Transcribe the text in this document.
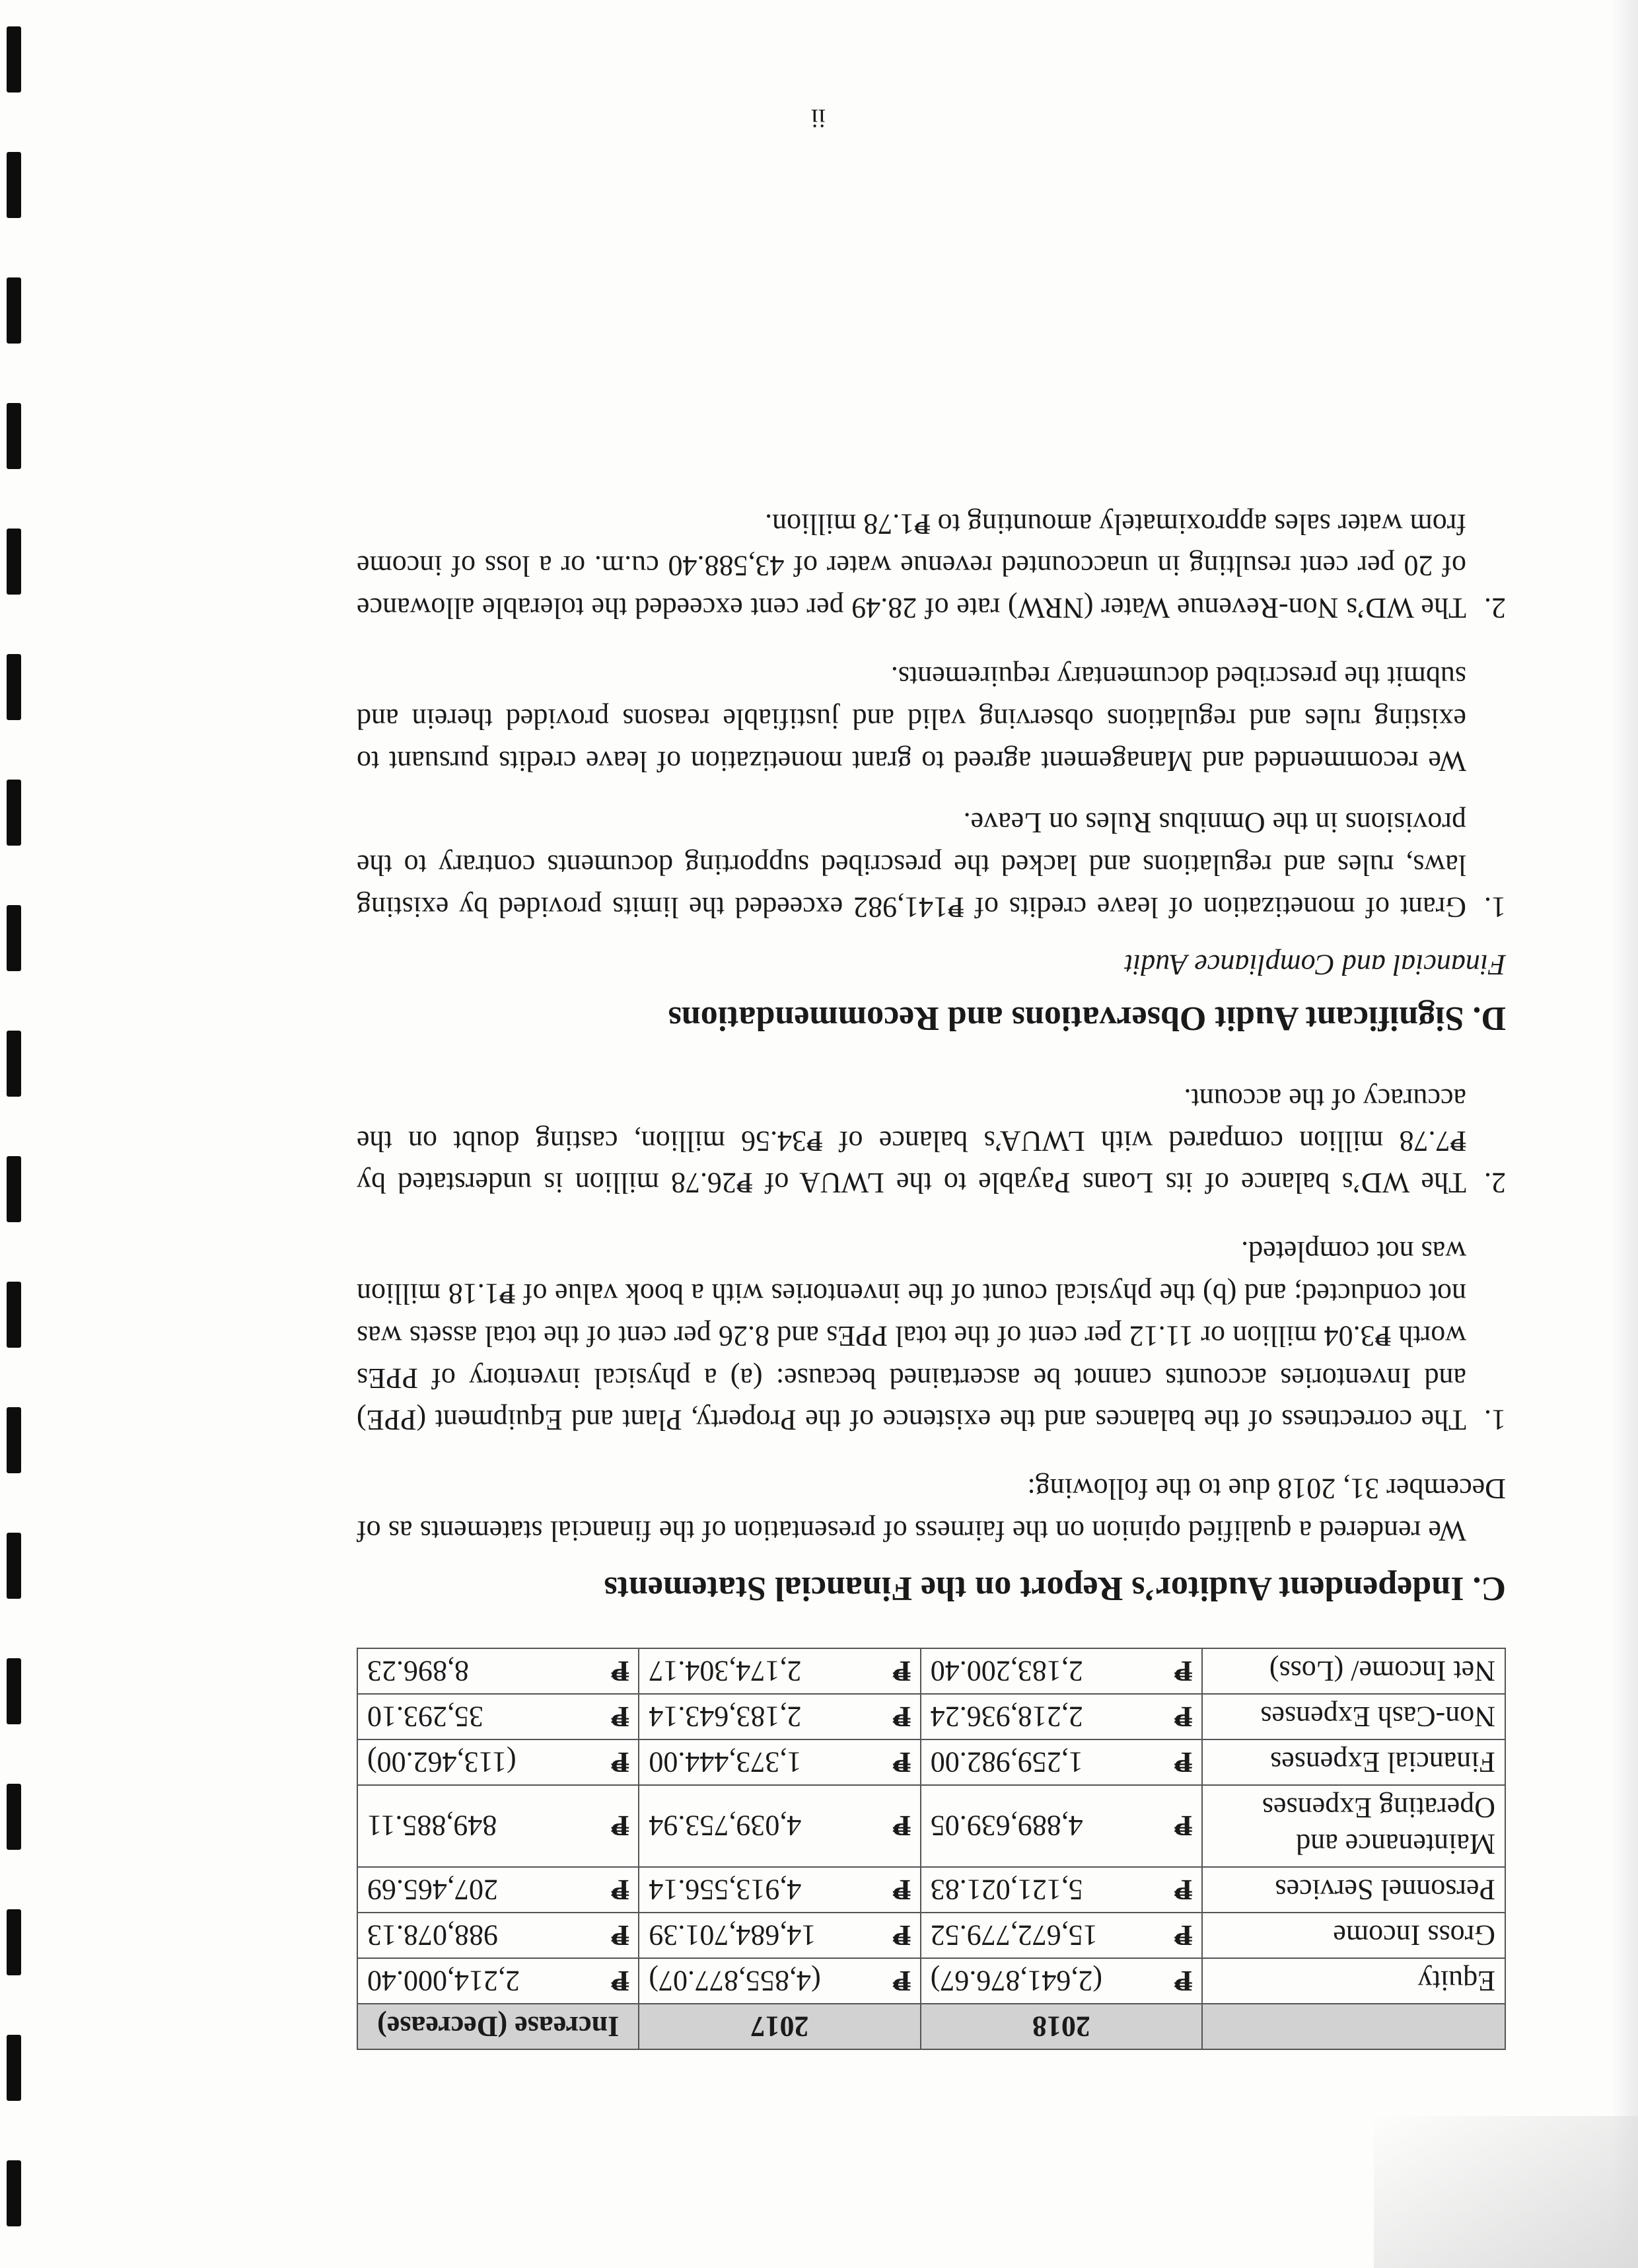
	2018		2017		Increase (Decrease)	
Equity	₱	(2,641,876.67)	₱	(4,855,877.07)	₱	2,214,000.40
Gross Income	₱	15,672,779.52	₱	14,684,701.39	₱	988,078.13
Personnel Services	₱	5,121,021.83	₱	4,913,556.14	₱	207,465.69
Maintenance and Operating Expenses	₱	4,889,639.05	₱	4,039,753.94	₱	849,885.11
Financial Expenses	₱	1,259,982.00	₱	1,373,444.00	₱	(113,462.00)
Non-Cash Expenses	₱	2,218,936.24	₱	2,183,643.14	₱	35,293.10
Net Income/ (Loss)	₱	2,183,200.40	₱	2,174,304.17	₱	8,896.23
C. Independent Auditor’s Report on the Financial Statements

We rendered a qualified opinion on the fairness of presentation of the financial statements as of December 31, 2018 due to the following:

1.
The correctness of the balances and the existence of the Property, Plant and Equipment (PPE) and Inventories accounts cannot be ascertained because: (a) a physical inventory of PPEs worth ₱3.04 million or 11.12 per cent of the total PPEs and 8.26 per cent of the total assets was not conducted; and (b) the physical count of the inventories with a book value of ₱1.18 million was not completed.
2.
The WD’s balance of its Loans Payable to the LWUA of ₱26.78 million is understated by ₱7.78 million compared with LWUA’s balance of ₱34.56 million, casting doubt on the accuracy of the account.
D. Significant Audit Observations and Recommendations

Financial and Compliance Audit

1.
Grant of monetization of leave credits of ₱141,982 exceeded the limits provided by existing laws, rules and regulations and lacked the prescribed supporting documents contrary to the provisions in the Omnibus Rules on Leave.

We recommended and Management agreed to grant monetization of leave credits pursuant to existing rules and regulations observing valid and justifiable reasons provided therein and submit the prescribed documentary requirements.

2.
The WD’s Non-Revenue Water (NRW) rate of 28.49 per cent exceeded the tolerable allowance of 20 per cent resulting in unaccounted revenue water of 43,588.40 cu.m. or a loss of income from water sales approximately amounting to ₱1.78 million.
ii
